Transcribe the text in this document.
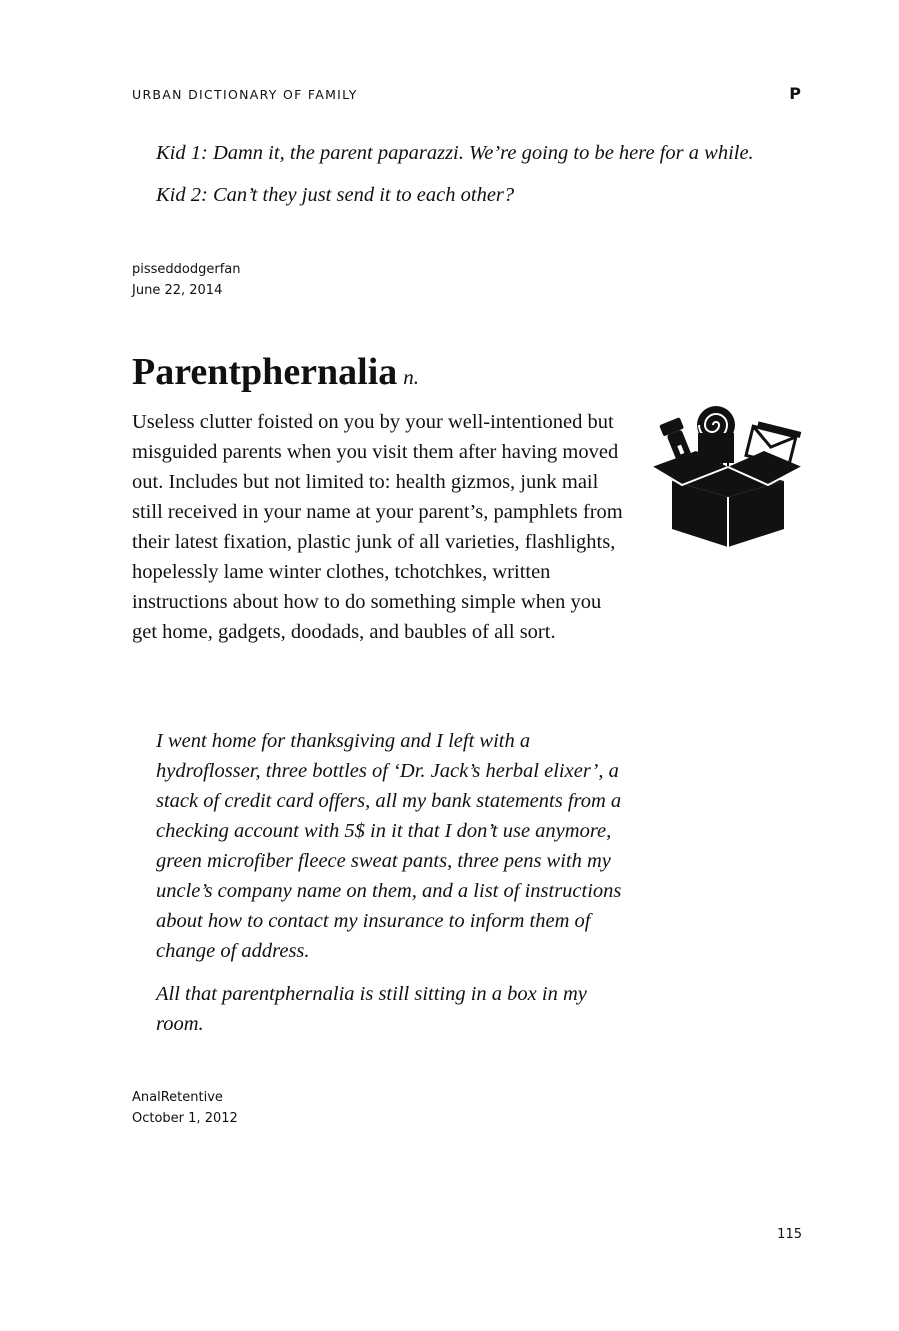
URBAN DICTIONARY OF FAMILY	P

Kid 1: Damn it, the parent paparazzi. We’re going to be here for a while.

Kid 2: Can’t they just send it to each other?

pisseddodgerfan
June 22, 2014
Parentphernalia n.

Useless clutter foisted on you by your well-intentioned but misguided parents when you visit them after having moved out. Includes but not limited to: health gizmos, junk mail still received in your name at your parent’s, pamphlets from their latest fixation, plastic junk of all varieties, flashlights, hopelessly lame winter clothes, tchotchkes, written instructions about how to do something simple when you get home, gadgets, doodads, and baubles of all sort.

I went home for thanksgiving and I left with a hydroflosser, three bottles of ‘Dr. Jack’s herbal elixer’, a stack of credit card offers, all my bank statements from a checking account with 5$ in it that I don’t use anymore, green microfiber fleece sweat pants, three pens with my uncle’s company name on them, and a list of instructions about how to contact my insurance to inform them of change of address.

All that parentphernalia is still sitting in a box in my room.

AnalRetentive
October 1, 2012
115
